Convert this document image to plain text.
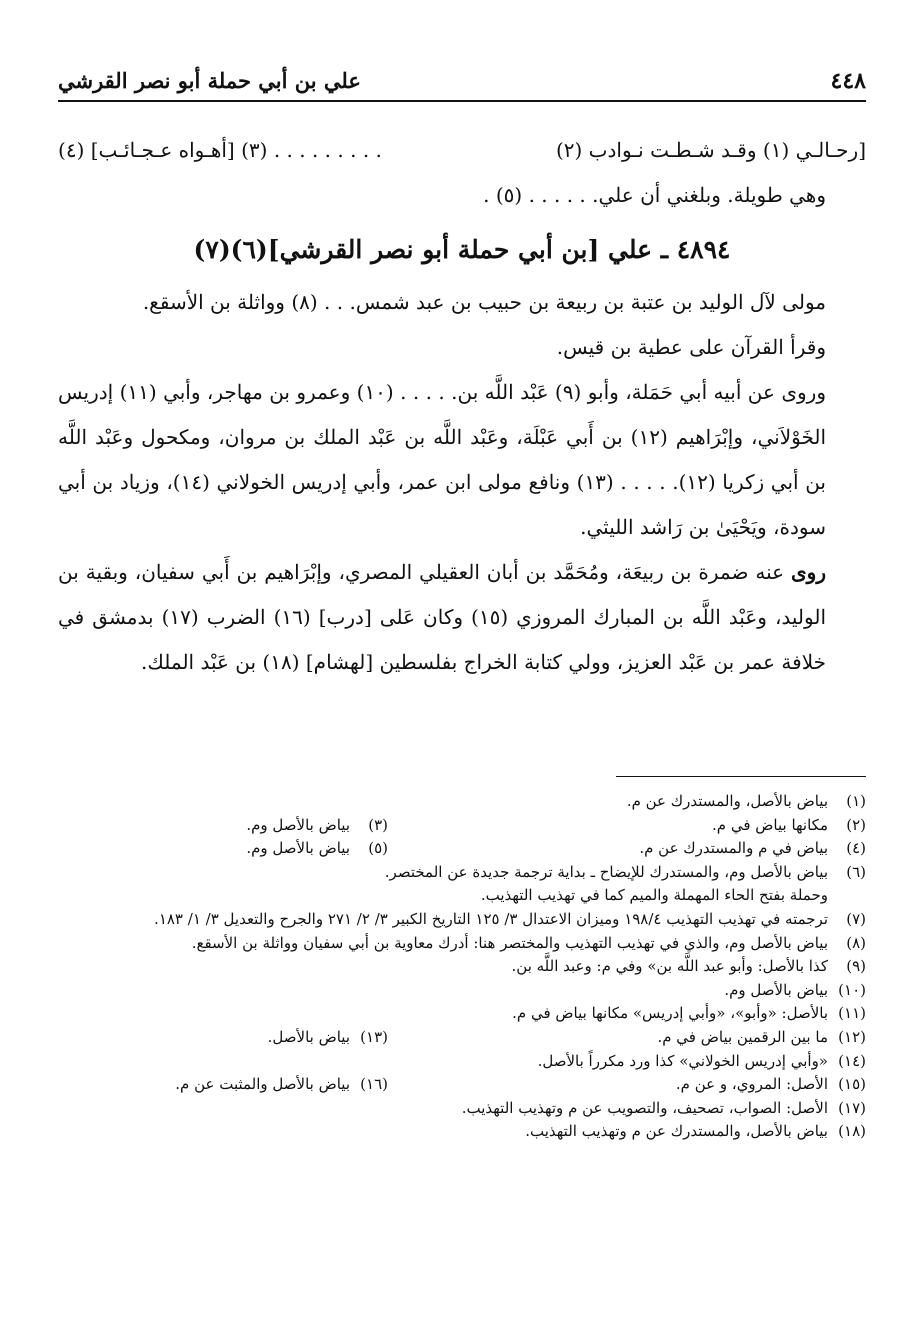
٤٤٨
علي بن أبي حملة أبو نصر القرشي
[رحـالـي (١) وقـد شـطـت نـوادب (٢)
. . . . . . . . . (٣) [أهـواه عـجـائـب] (٤)

وهي طويلة. وبلغني أن علي. . . . . . (٥) .

٤٨٩٤ ـ علي [بن أبي حملة أبو نصر القرشي](٦)(٧)

مولى لآل الوليد بن عتبة بن ربيعة بن حبيب بن عبد شمس. . . (٨) وواثلة بن الأسقع.

وقرأ القرآن على عطية بن قيس.

وروى عن أبيه أبي حَمَلة، وأبو (٩) عَبْد اللَّه بن. . . . . (١٠) وعمرو بن مهاجر، وأبي (١١) إدريس الخَوْلاَني، وإبْرَاهيم (١٢) بن أَبي عَبْلَة، وعَبْد اللَّه بن عَبْد الملك بن مروان، ومكحول وعَبْد اللَّه بن أبي زكريا (١٢). . . . . (١٣) ونافع مولى ابن عمر، وأبي إدريس الخولاني (١٤)، وزياد بن أبي سودة، ويَحْيَىٰ بن رَاشد الليثي.

روى عنه ضمرة بن ربيعَة، ومُحَمَّد بن أبان العقيلي المصري، وإبْرَاهيم بن أَبي سفيان، وبقية بن الوليد، وعَبْد اللَّه بن المبارك المروزي (١٥) وكان عَلى [درب] (١٦) الضرب (١٧) بدمشق في خلافة عمر بن عَبْد العزيز، وولي كتابة الخراج بفلسطين [لهشام] (١٨) بن عَبْد الملك.

(١)بياض بالأصل، والمستدرك عن م.
(٢)مكانها بياض في م.
(٣)بياض بالأصل وم.
(٤)بياض في م والمستدرك عن م.
(٥)بياض بالأصل وم.
(٦)بياض بالأصل وم، والمستدرك للإيضاح ـ بداية ترجمة جديدة عن المختصر.
وحملة بفتح الحاء المهملة والميم كما في تهذيب التهذيب.
(٧)ترجمته في تهذيب التهذيب ١٩٨/٤ وميزان الاعتدال ٣/ ١٢٥ التاريخ الكبير ٣/ ٢/ ٢٧١ والجرح والتعديل ٣/ ١/ ١٨٣.
(٨)بياض بالأصل وم، والذي في تهذيب التهذيب والمختصر هنا: أدرك معاوية بن أبي سفيان وواثلة بن الأسقع.
(٩)كذا بالأصل: وأبو عبد اللَّه بن» وفي م: وعبد اللَّه بن.
(١٠)بياض بالأصل وم.
(١١)بالأصل: «وأبو»، «وأبي إدريس» مكانها بياض في م.
(١٢)ما بين الرقمين بياض في م.
(١٣)بياض بالأصل.
(١٤)«وأبي إدريس الخولاني» كذا ورد مكرراً بالأصل.
(١٥)الأصل: المروي، و عن م.
(١٦)بياض بالأصل والمثبت عن م.
(١٧)الأصل: الصواب، تصحيف، والتصويب عن م وتهذيب التهذيب.
(١٨)بياض بالأصل، والمستدرك عن م وتهذيب التهذيب.
